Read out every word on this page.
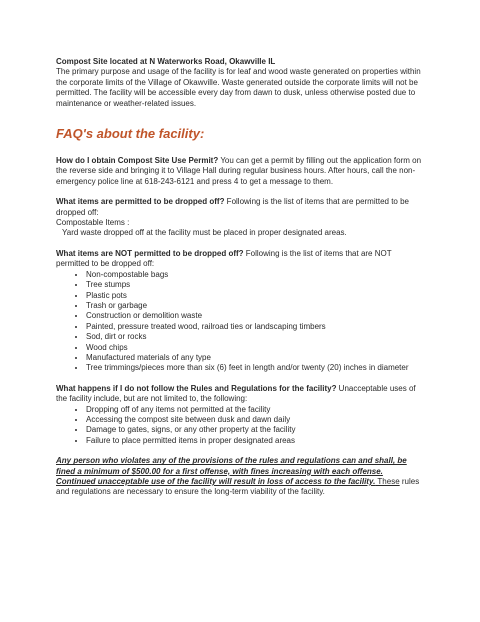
Compost Site located at N Waterworks Road, Okawville IL
The primary purpose and usage of the facility is for leaf and wood waste generated on properties within the corporate limits of the Village of Okawville. Waste generated outside the corporate limits will not be permitted. The facility will be accessible every day from dawn to dusk, unless otherwise posted due to maintenance or weather-related issues.
FAQ's about the facility:
How do I obtain Compost Site Use Permit? You can get a permit by filling out the application form on the reverse side and bringing it to Village Hall during regular business hours. After hours, call the non-emergency police line at 618-243-6121 and press 4 to get a message to them.
What items are permitted to be dropped off? Following is the list of items that are permitted to be dropped off:
Compostable Items :
Yard waste dropped off at the facility must be placed in proper designated areas.
What items are NOT permitted to be dropped off? Following is the list of items that are NOT permitted to be dropped off:
• Non-compostable bags
• Tree stumps
• Plastic pots
• Trash or garbage
• Construction or demolition waste
• Painted, pressure treated wood, railroad ties or landscaping timbers
• Sod, dirt or rocks
• Wood chips
• Manufactured materials of any type
• Tree trimmings/pieces more than six (6) feet in length and/or twenty (20) inches in diameter
What happens if I do not follow the Rules and Regulations for the facility? Unacceptable uses of the facility include, but are not limited to, the following:
• Dropping off of any items not permitted at the facility
• Accessing the compost site between dusk and dawn daily
• Damage to gates, signs, or any other property at the facility
• Failure to place permitted items in proper designated areas
Any person who violates any of the provisions of the rules and regulations can and shall, be fined a minimum of $500.00 for a first offense, with fines increasing with each offense. Continued unacceptable use of the facility will result in loss of access to the facility. These rules and regulations are necessary to ensure the long-term viability of the facility.
